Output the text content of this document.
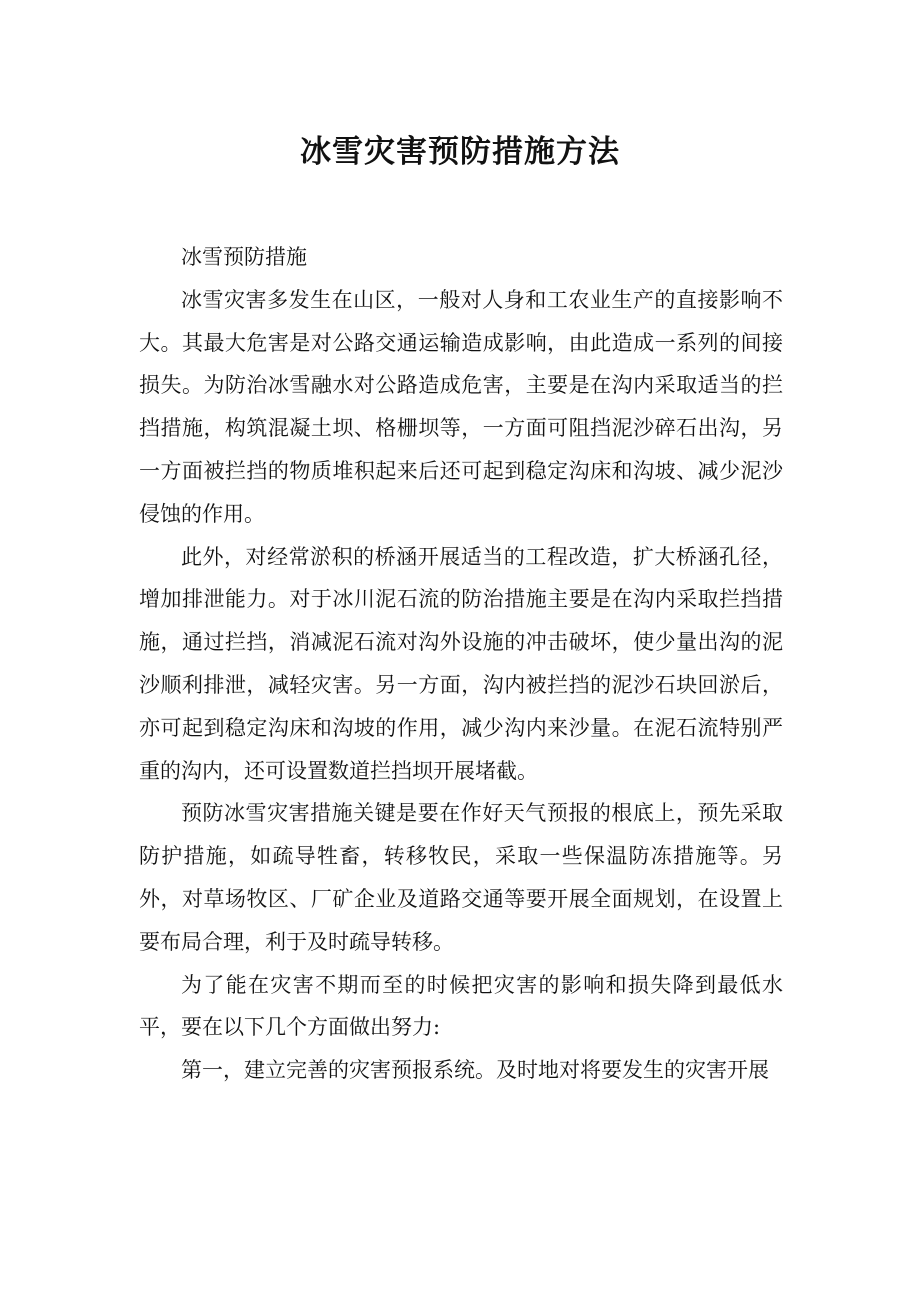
冰雪灾害预防措施方法

冰雪预防措施

冰雪灾害多发生在山区，一般对人身和工农业生产的直接影响不大。其最大危害是对公路交通运输造成影响，由此造成一系列的间接损失。为防治冰雪融水对公路造成危害，主要是在沟内采取适当的拦挡措施，构筑混凝土坝、格栅坝等，一方面可阻挡泥沙碎石出沟，另一方面被拦挡的物质堆积起来后还可起到稳定沟床和沟坡、减少泥沙侵蚀的作用。

此外，对经常淤积的桥涵开展适当的工程改造，扩大桥涵孔径，增加排泄能力。对于冰川泥石流的防治措施主要是在沟内采取拦挡措施，通过拦挡，消减泥石流对沟外设施的冲击破坏，使少量出沟的泥沙顺利排泄，减轻灾害。另一方面，沟内被拦挡的泥沙石块回淤后，亦可起到稳定沟床和沟坡的作用，减少沟内来沙量。在泥石流特别严重的沟内，还可设置数道拦挡坝开展堵截。

预防冰雪灾害措施关键是要在作好天气预报的根底上，预先采取防护措施，如疏导牲畜，转移牧民，采取一些保温防冻措施等。另外，对草场牧区、厂矿企业及道路交通等要开展全面规划，在设置上要布局合理，利于及时疏导转移。

为了能在灾害不期而至的时候把灾害的影响和损失降到最低水平，要在以下几个方面做出努力:

第一，建立完善的灾害预报系统。及时地对将要发生的灾害开展
